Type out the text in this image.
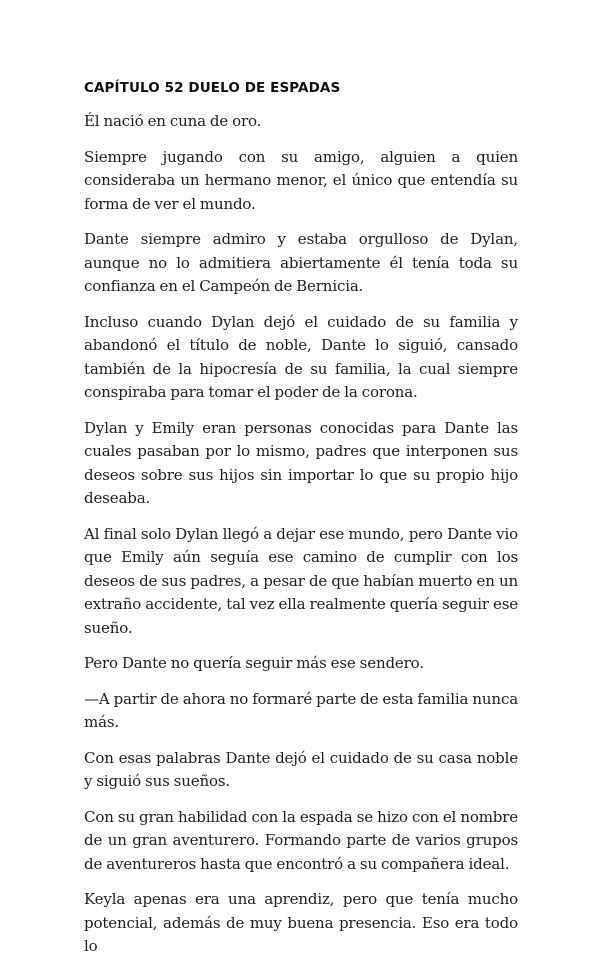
CAPÍTULO 52 DUELO DE ESPADAS

Él nació en cuna de oro.

Siempre jugando con su amigo, alguien a quien consideraba un hermano menor, el único que entendía su forma de ver el mundo.

Dante siempre admiro y estaba orgulloso de Dylan, aunque no lo admitiera abiertamente él tenía toda su confianza en el Campeón de Bernicia.

Incluso cuando Dylan dejó el cuidado de su familia y abandonó el título de noble, Dante lo siguió, cansado también de la hipocresía de su familia, la cual siempre conspiraba para tomar el poder de la corona.

Dylan y Emily eran personas conocidas para Dante las cuales pasaban por lo mismo, padres que interponen sus deseos sobre sus hijos sin importar lo que su propio hijo deseaba.

Al final solo Dylan llegó a dejar ese mundo, pero Dante vio que Emily aún seguía ese camino de cumplir con los deseos de sus padres, a pesar de que habían muerto en un extraño accidente, tal vez ella realmente quería seguir ese sueño.

Pero Dante no quería seguir más ese sendero.

—A partir de ahora no formaré parte de esta familia nunca más.

Con esas palabras Dante dejó el cuidado de su casa noble y siguió sus sueños.

Con su gran habilidad con la espada se hizo con el nombre de un gran aventurero. Formando parte de varios grupos de aventureros hasta que encontró a su compañera ideal.

Keyla apenas era una aprendiz, pero que tenía mucho potencial, además de muy buena presencia. Eso era todo lo
